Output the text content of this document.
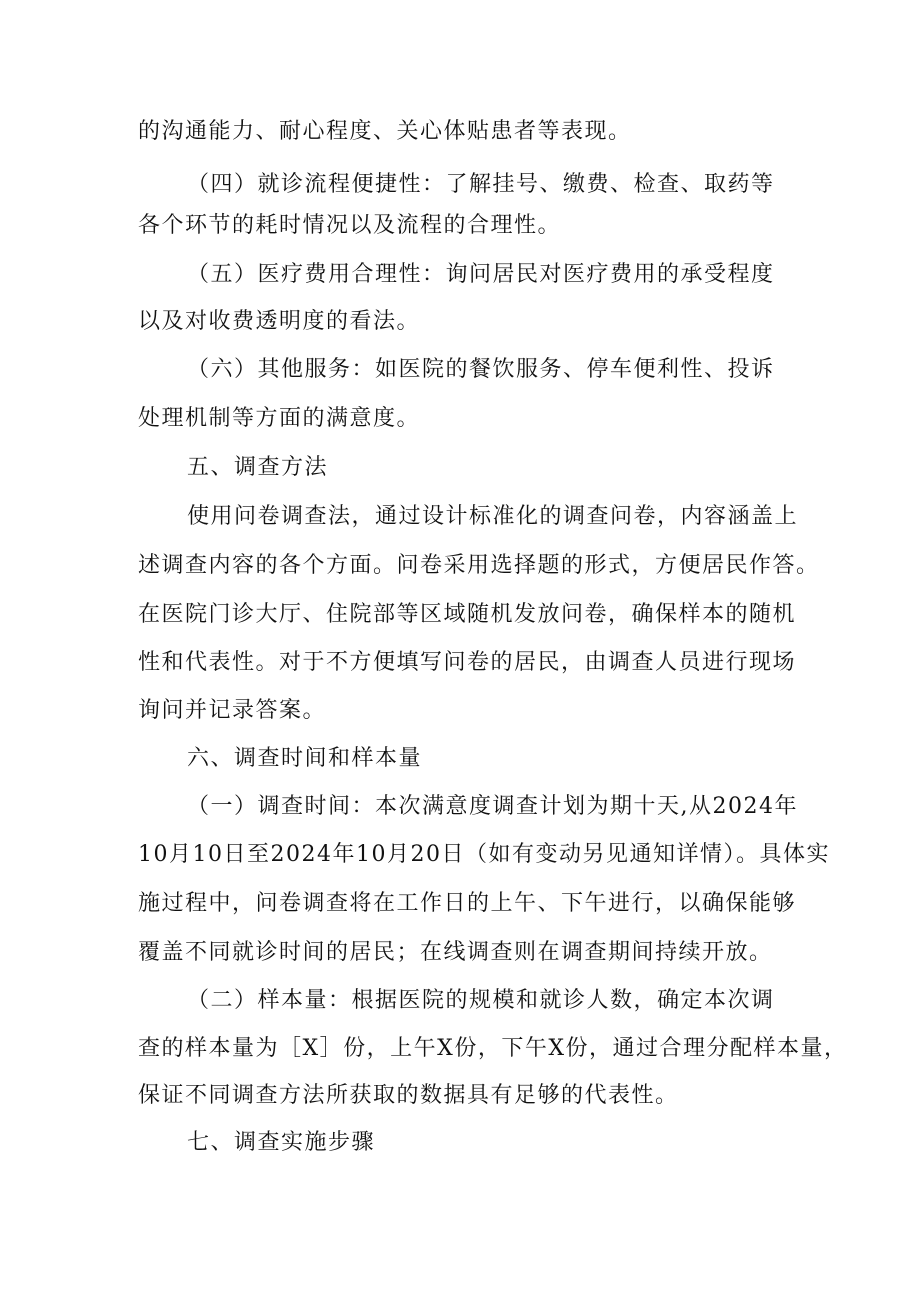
的沟通能力、耐心程度、关心体贴患者等表现。
（四）就诊流程便捷性：了解挂号、缴费、检查、取药等
各个环节的耗时情况以及流程的合理性。
（五）医疗费用合理性：询问居民对医疗费用的承受程度
以及对收费透明度的看法。
（六）其他服务：如医院的餐饮服务、停车便利性、投诉
处理机制等方面的满意度。
五、调查方法
使用问卷调查法，通过设计标准化的调查问卷，内容涵盖上
述调查内容的各个方面。问卷采用选择题的形式，方便居民作答。
在医院门诊大厅、住院部等区域随机发放问卷，确保样本的随机
性和代表性。对于不方便填写问卷的居民，由调查人员进行现场
询问并记录答案。
六、调查时间和样本量
（一）调查时间：本次满意度调查计划为期十天,从2024年
10月10日至2024年10月20日（如有变动另见通知详情）。具体实
施过程中，问卷调查将在工作日的上午、下午进行，以确保能够
覆盖不同就诊时间的居民；在线调查则在调查期间持续开放。
（二）样本量：根据医院的规模和就诊人数，确定本次调
查的样本量为［X］份，上午X份，下午X份，通过合理分配样本量，
保证不同调查方法所获取的数据具有足够的代表性。
七、调查实施步骤
